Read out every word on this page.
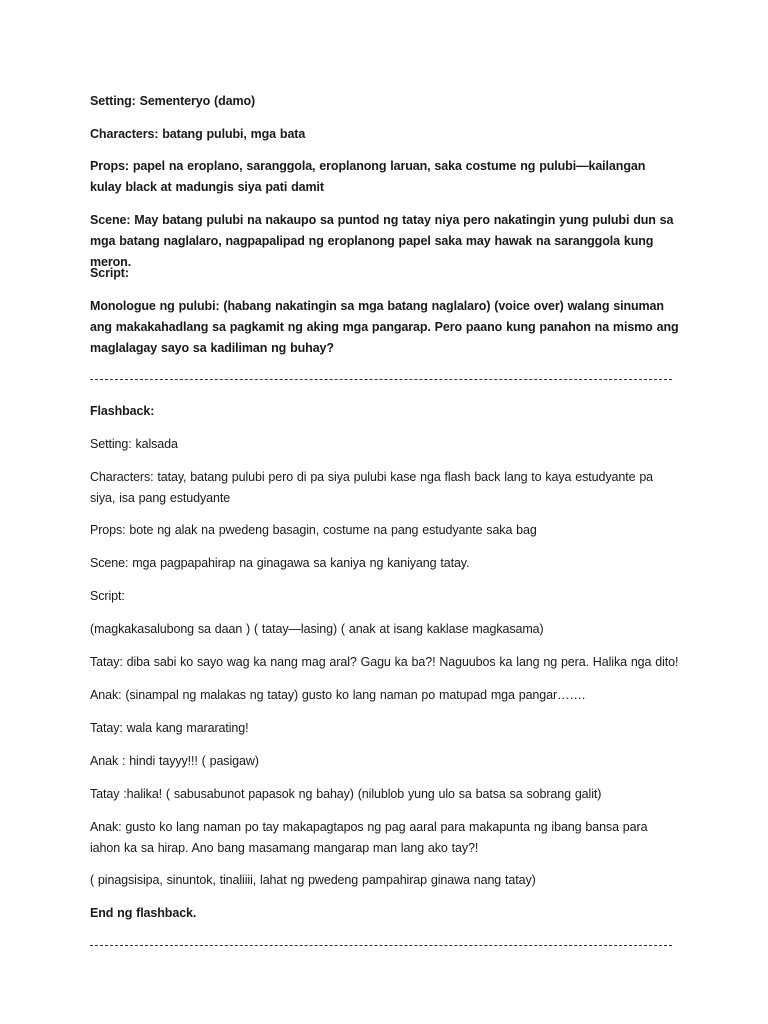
Setting: Sementeryo (damo)

Characters: batang pulubi, mga bata

Props: papel na eroplano, saranggola, eroplanong laruan, saka costume ng pulubi—kailangan kulay black at madungis siya pati damit

Scene: May batang pulubi na nakaupo sa puntod ng tatay niya pero nakatingin yung pulubi dun sa mga batang naglalaro, nagpapalipad ng eroplanong papel saka may hawak na saranggola kung meron.

Script:

Monologue ng pulubi: (habang nakatingin sa mga batang naglalaro) (voice over) walang sinuman ang makakahadlang sa pagkamit ng aking mga pangarap. Pero paano kung panahon na mismo ang maglalagay sayo sa kadiliman ng buhay?

Flashback:

Setting: kalsada

Characters: tatay, batang pulubi pero di pa siya pulubi kase nga flash back lang to kaya estudyante pa siya, isa pang estudyante

Props: bote ng alak na pwedeng basagin, costume na pang estudyante saka bag

Scene: mga pagpapahirap na ginagawa sa kaniya ng kaniyang tatay.

Script:

(magkakasalubong sa daan ) ( tatay—lasing) ( anak at isang kaklase magkasama)

Tatay: diba sabi ko sayo wag ka nang mag aral? Gagu ka ba?! Naguubos ka lang ng pera. Halika nga dito!

Anak: (sinampal ng malakas ng tatay) gusto ko lang naman po matupad mga pangar…….

Tatay: wala kang mararating!

Anak : hindi tayyy!!! ( pasigaw)

Tatay :halika! ( sabusabunot papasok ng bahay) (nilublob yung ulo sa batsa sa sobrang galit)

Anak: gusto ko lang naman po tay makapagtapos ng pag aaral para makapunta ng ibang bansa para iahon ka sa hirap. Ano bang masamang mangarap man lang ako tay?!

( pinagsisipa, sinuntok, tinaliiii, lahat ng pwedeng pampahirap ginawa nang tatay)

End ng flashback.
